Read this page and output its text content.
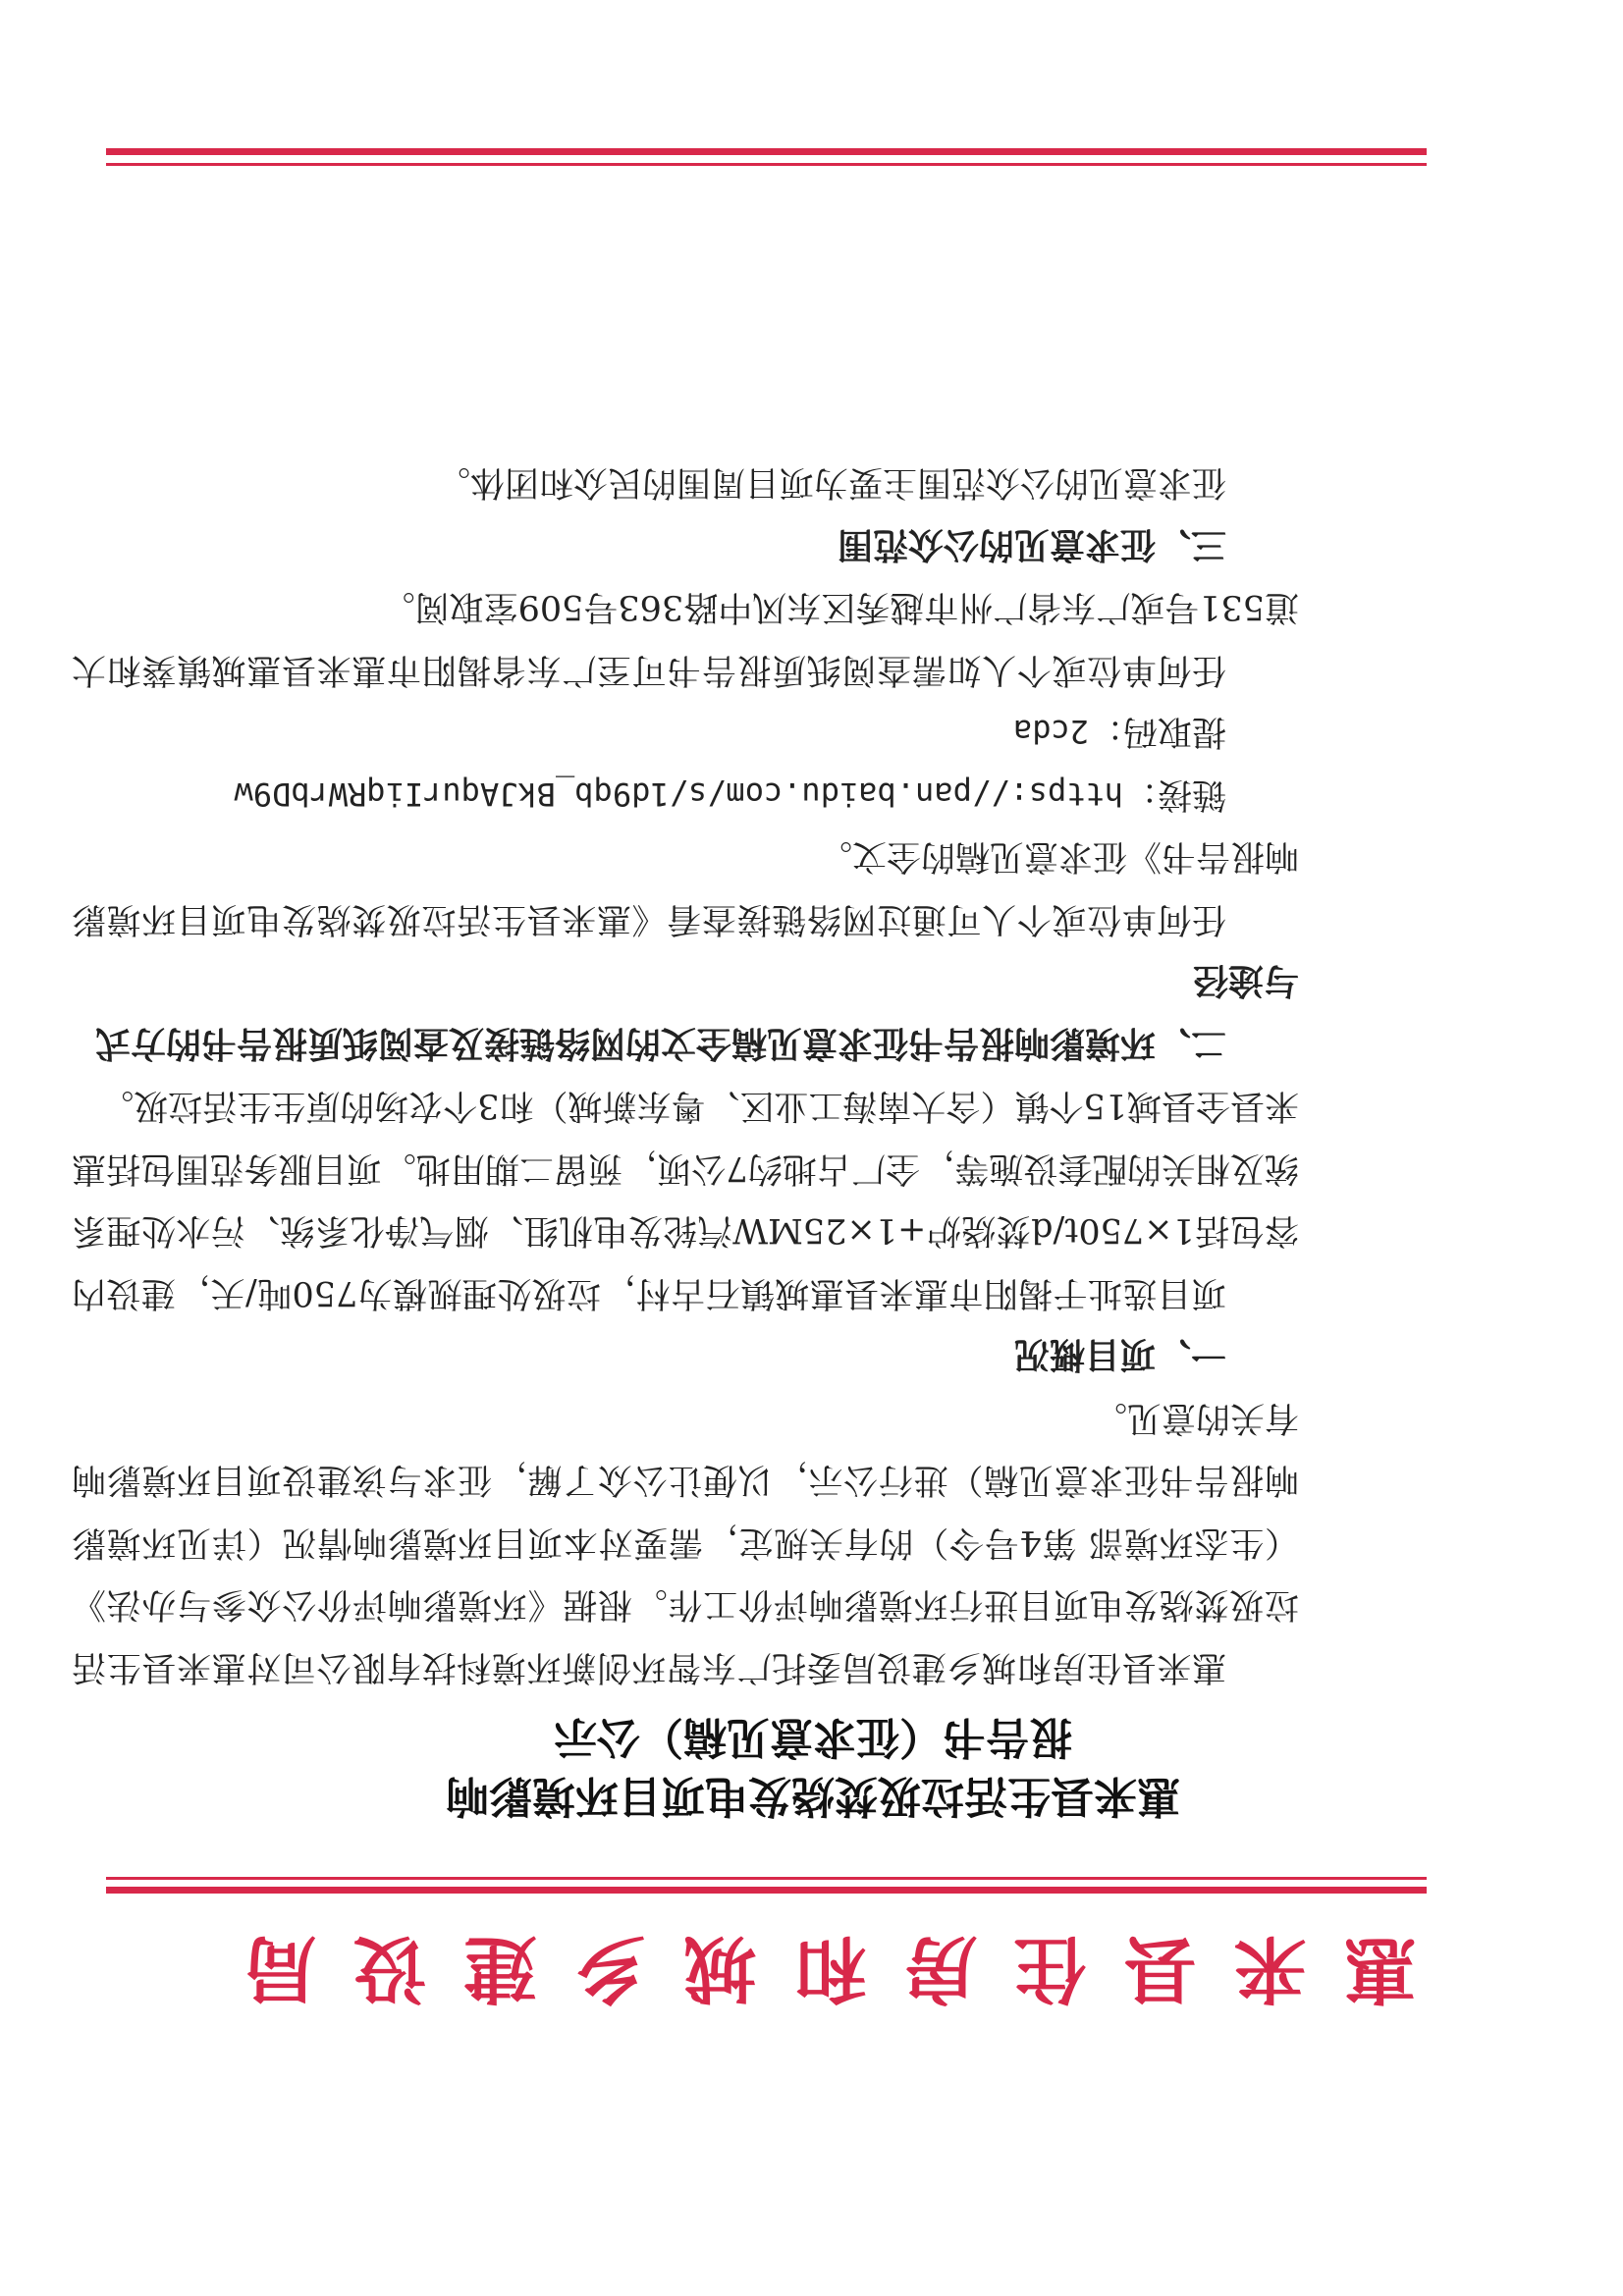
惠来县住房和城乡建设局
惠来县生活垃圾焚烧发电项目环境影响
报告书（征求意见稿）公示

惠来县住房和城乡建设局委托广东智环创新环境科技有限公司对惠来县生活垃圾焚烧发电项目进行环境影响评价工作。根据《环境影响评价公众参与办法》（生态环境部 第4号令）的有关规定，需要对本项目环境影响情况（详见环境影响报告书征求意见稿）进行公示，以便让公众了解，征求与该建设项目环境影响有关的意见。

一、项目概况

项目选址于揭阳市惠来县惠城镇石古村，垃圾处理规模为750吨/天，建设内容包括1×750t/d焚烧炉+1×25MW汽轮发电机组、烟气净化系统、污水处理系统及相关的配套设施等，全厂占地约7公顷，预留二期用地。项目服务范围包括惠来县全县域15个镇（含大南海工业区、粤东新城）和3个农场的原生生活垃圾。

二、环境影响报告书征求意见稿全文的网络链接及查阅纸质报告书的方式与途径

任何单位或个人可通过网络链接查看《惠来县生活垃圾焚烧发电项目环境影响报告书》征求意见稿的全文。

链接：https://pan.baidu.com/s/1d9qb_BkJAqurIiqRWrbD9w

提取码：2cda

任何单位或个人如需查阅纸质报告书可至广东省揭阳市惠来县惠城镇葵和大道531号或广东省广州市越秀区东风中路363号509室取阅。

三、征求意见的公众范围

征求意见的公众范围主要为项目周围的民众和团体。
